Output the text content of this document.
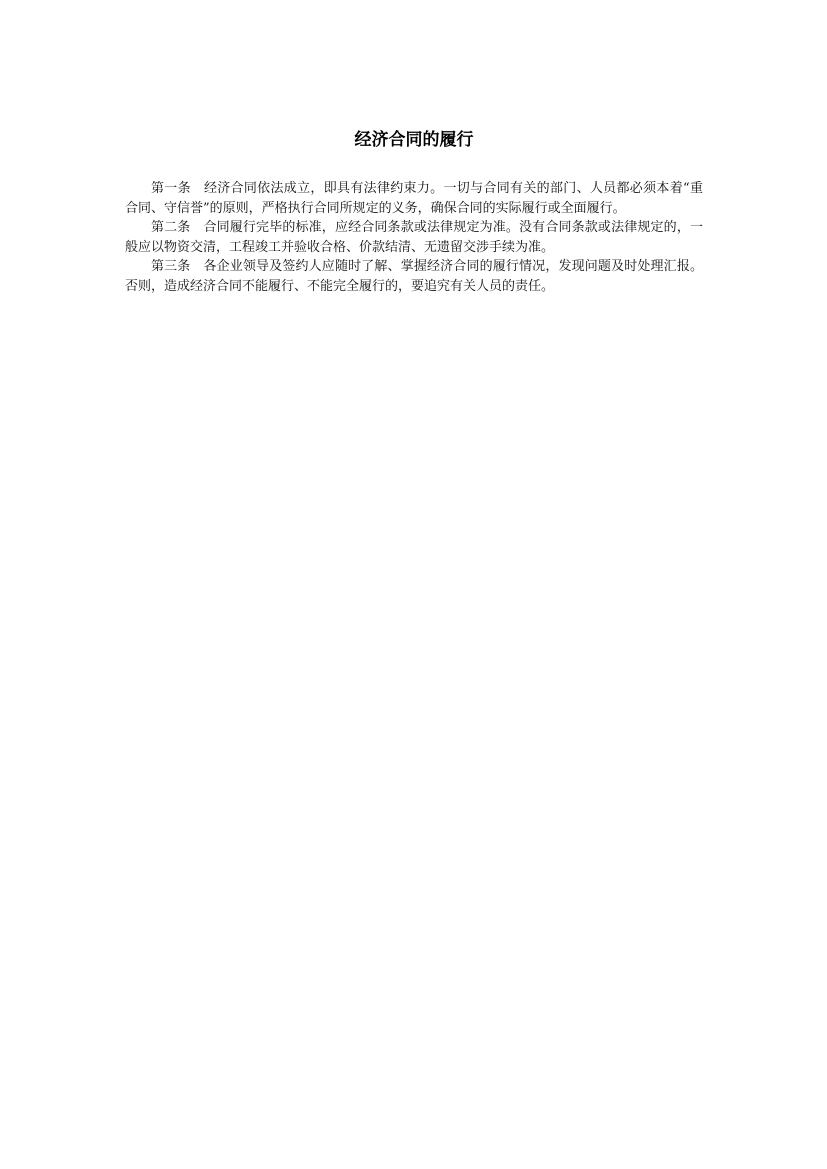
经济合同的履行

第一条 经济合同依法成立，即具有法律约束力。一切与合同有关的部门、人员都必须本着“重合同、守信誉”的原则，严格执行合同所规定的义务，确保合同的实际履行或全面履行。

第二条 合同履行完毕的标准，应经合同条款或法律规定为准。没有合同条款或法律规定的，一般应以物资交清，工程竣工并验收合格、价款结清、无遗留交涉手续为准。

第三条 各企业领导及签约人应随时了解、掌握经济合同的履行情况，发现问题及时处理汇报。否则，造成经济合同不能履行、不能完全履行的，要追究有关人员的责任。
